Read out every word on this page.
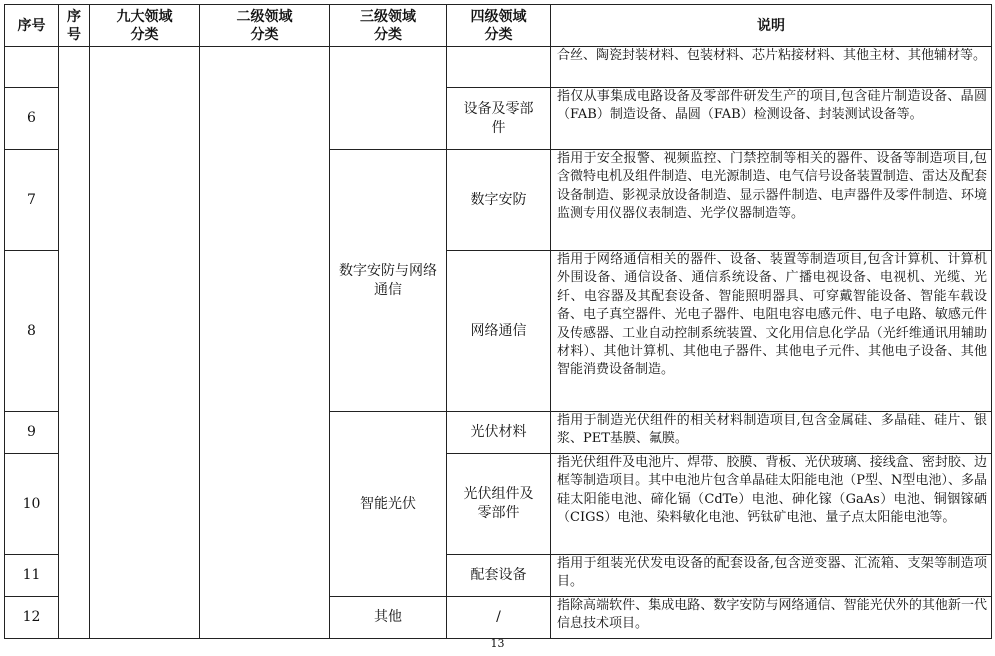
序号	序号	九大领域分类	二级领域分类	三级领域分类	四级领域分类	说明
						合丝、陶瓷封装材料、包装材料、芯片粘接材料、其他主材、其他辅材等。
6					设备及零部件	指仅从事集成电路设备及零部件研发生产的项目,包含硅片制造设备、晶圆（FAB）制造设备、晶圆（FAB）检测设备、封装测试设备等。
7				数字安防与网络通信	数字安防	指用于安全报警、视频监控、门禁控制等相关的器件、设备等制造项目,包含微特电机及组件制造、电光源制造、电气信号设备装置制造、雷达及配套设备制造、影视录放设备制造、显示器件制造、电声器件及零件制造、环境监测专用仪器仪表制造、光学仪器制造等。
8					网络通信	指用于网络通信相关的器件、设备、装置等制造项目,包含计算机、计算机外围设备、通信设备、通信系统设备、广播电视设备、电视机、光缆、光纤、电容器及其配套设备、智能照明器具、可穿戴智能设备、智能车载设备、电子真空器件、光电子器件、电阻电容电感元件、电子电路、敏感元件及传感器、工业自动控制系统装置、文化用信息化学品（光纤维通讯用辅助材料）、其他计算机、其他电子器件、其他电子元件、其他电子设备、其他智能消费设备制造。
9				智能光伏	光伏材料	指用于制造光伏组件的相关材料制造项目,包含金属硅、多晶硅、硅片、银浆、PET基膜、氟膜。
10					光伏组件及零部件	指光伏组件及电池片、焊带、胶膜、背板、光伏玻璃、接线盒、密封胶、边框等制造项目。其中电池片包含单晶硅太阳能电池（P型、N型电池）、多晶硅太阳能电池、碲化镉（CdTe）电池、砷化镓（GaAs）电池、铜铟镓硒（CIGS）电池、染料敏化电池、钙钛矿电池、量子点太阳能电池等。
11					配套设备	指用于组装光伏发电设备的配套设备,包含逆变器、汇流箱、支架等制造项目。
12				其他	/	指除高端软件、集成电路、数字安防与网络通信、智能光伏外的其他新一代信息技术项目。
13
